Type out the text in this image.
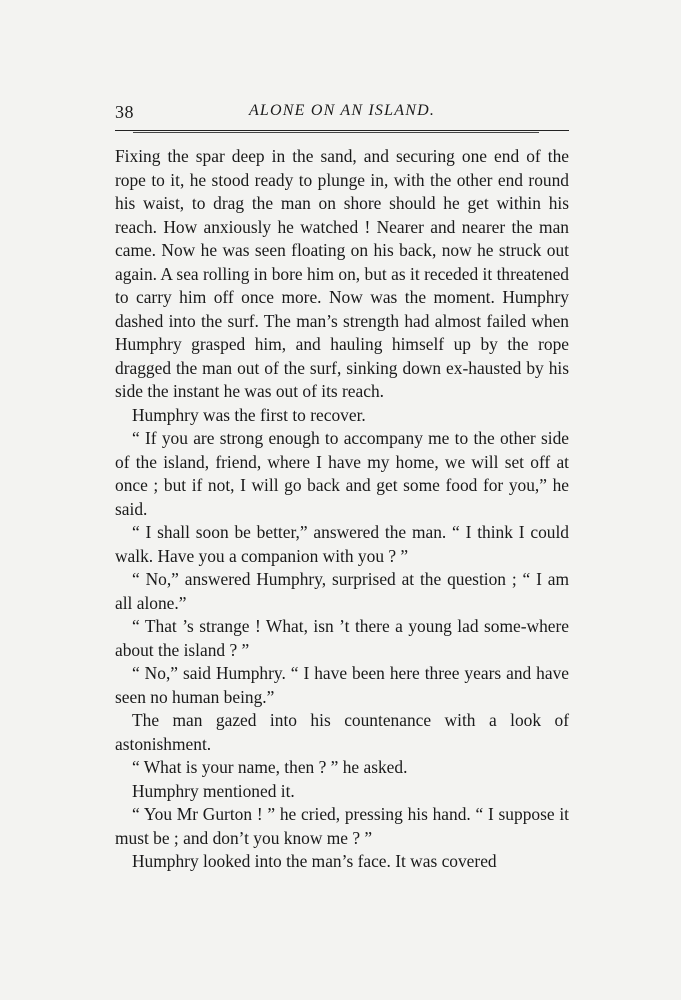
38	ALONE ON AN ISLAND.

Fixing the spar deep in the sand, and securing one end of the rope to it, he stood ready to plunge in, with the other end round his waist, to drag the man on shore should he get within his reach. How anxiously he watched ! Nearer and nearer the man came. Now he was seen floating on his back, now he struck out again. A sea rolling in bore him on, but as it receded it threatened to carry him off once more. Now was the moment. Humphry dashed into the surf. The man’s strength had almost failed when Humphry grasped him, and hauling himself up by the rope dragged the man out of the surf, sinking down ex-hausted by his side the instant he was out of its reach.

Humphry was the first to recover.

“ If you are strong enough to accompany me to the other side of the island, friend, where I have my home, we will set off at once ; but if not, I will go back and get some food for you,” he said.

“ I shall soon be better,” answered the man. “ I think I could walk. Have you a companion with you ? ”

“ No,” answered Humphry, surprised at the question ; “ I am all alone.”

“ That ’s strange ! What, isn ’t there a young lad some-where about the island ? ”

“ No,” said Humphry. “ I have been here three years and have seen no human being.”

The man gazed into his countenance with a look of astonishment.

“ What is your name, then ? ” he asked.

Humphry mentioned it.

“ You Mr Gurton ! ” he cried, pressing his hand. “ I suppose it must be ; and don’t you know me ? ”

Humphry looked into the man’s face. It was covered
